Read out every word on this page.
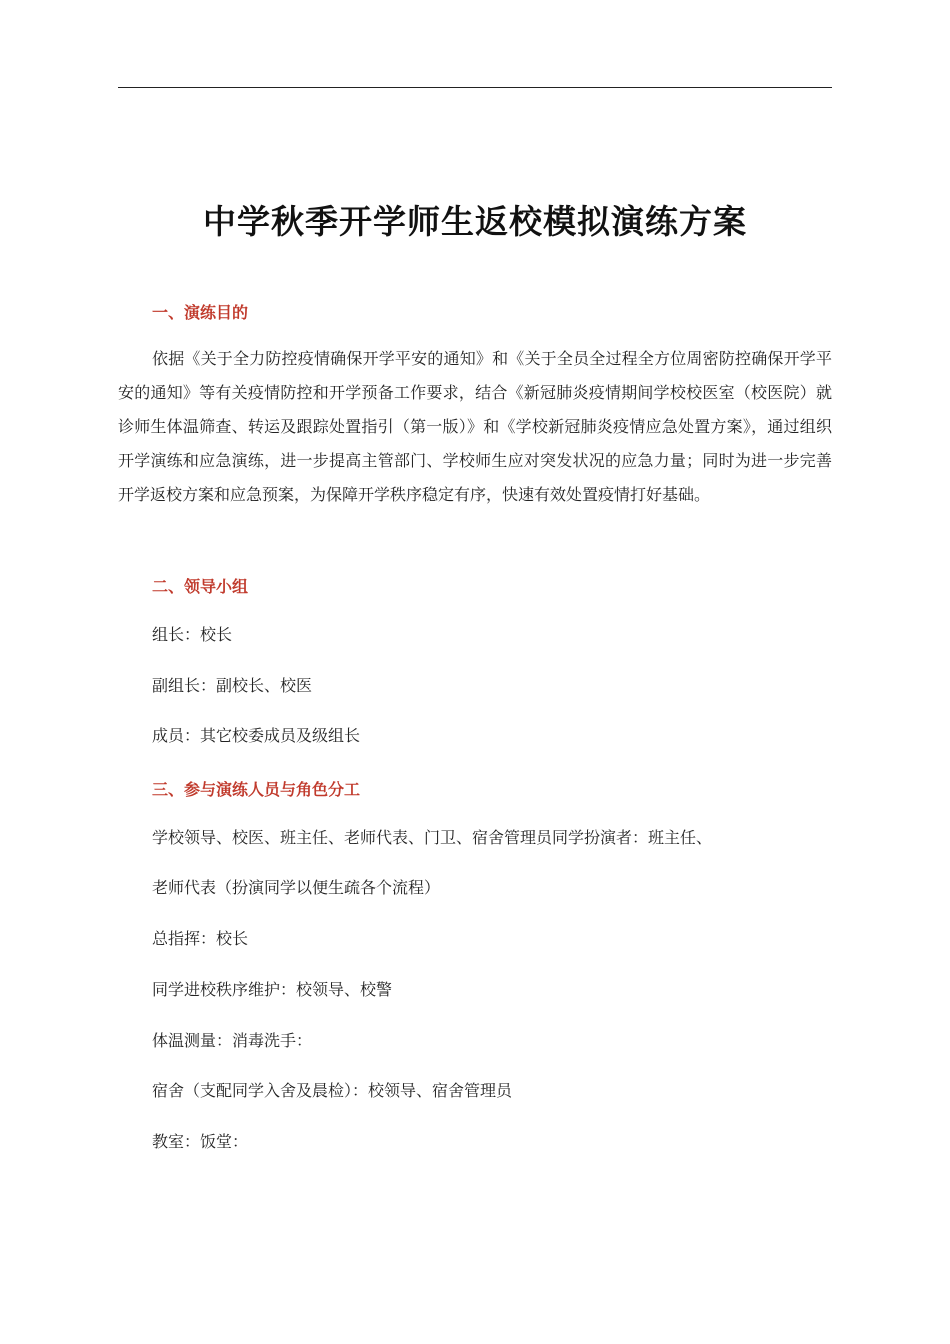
中学秋季开学师生返校模拟演练方案
一、演练目的

依据《关于全力防控疫情确保开学平安的通知》和《关于全员全过程全方位周密防控确保开学平安的通知》等有关疫情防控和开学预备工作要求，结合《新冠肺炎疫情期间学校校医室（校医院）就诊师生体温筛查、转运及跟踪处置指引（第一版）》和《学校新冠肺炎疫情应急处置方案》，通过组织开学演练和应急演练，进一步提高主管部门、学校师生应对突发状况的应急力量；同时为进一步完善开学返校方案和应急预案，为保障开学秩序稳定有序，快速有效处置疫情打好基础。

二、领导小组
组长：校长
副组长：副校长、校医
成员：其它校委成员及级组长
三、参与演练人员与角色分工
学校领导、校医、班主任、老师代表、门卫、宿舍管理员同学扮演者：班主任、
老师代表（扮演同学以便生疏各个流程）
总指挥：校长
同学进校秩序维护：校领导、校警
体温测量：消毒洗手：
宿舍（支配同学入舍及晨检）：校领导、宿舍管理员
教室：饭堂：
